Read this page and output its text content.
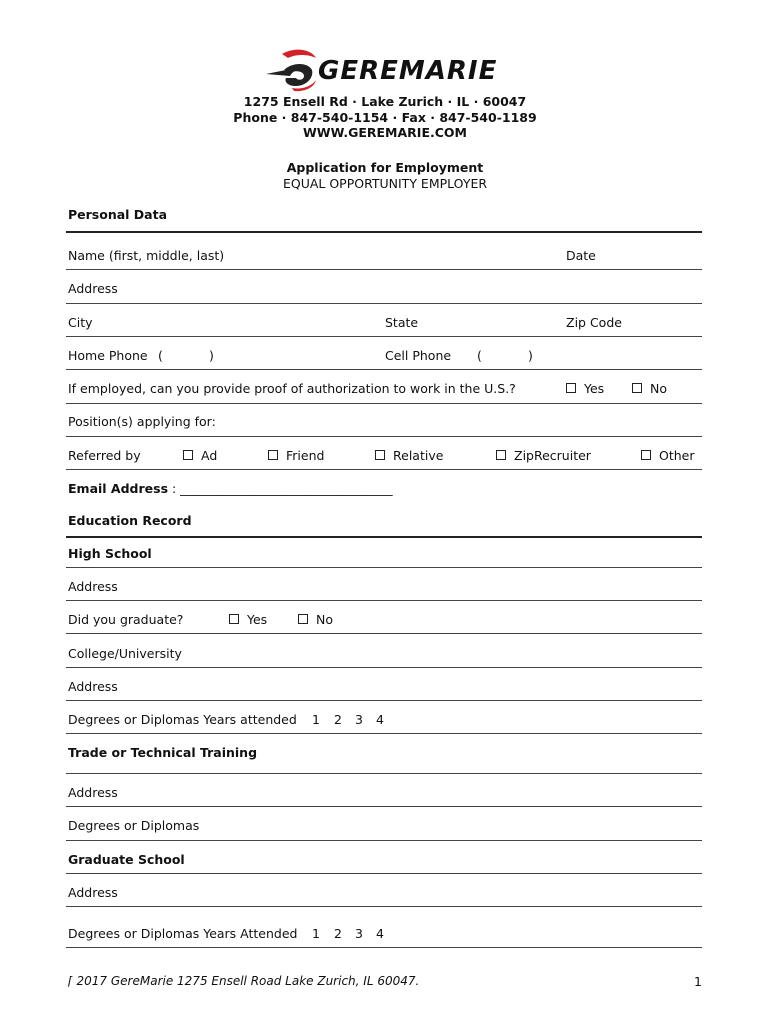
GEREMARIE
1275 Ensell Rd · Lake Zurich · IL · 60047
Phone · 847-540-1154 · Fax · 847-540-1189
WWW.GEREMARIE.COM
Application for Employment
EQUAL OPPORTUNITY EMPLOYER
Personal Data
Name (first, middle, last)	Date
Address
City	State	Zip Code
Home Phone (	)	Cell Phone (	)
If employed, can you provide proof of authorization to work in the U.S.?	Yes	No
Position(s) applying for:
Referred by	Ad	Friend	Relative	ZipRecruiter	Other
Email Address : __________________________________
Education Record
High School
Address
Did you graduate?	Yes	No
College/University
Address
Degrees or Diplomas Years attended 1 2 3 4
Trade or Technical Training
Address
Degrees or Diplomas
Graduate School
Address
Degrees or Diplomas Years Attended 1 2 3 4
⌈ 2017 GereMarie 1275 Ensell Road Lake Zurich, IL 60047.	1
